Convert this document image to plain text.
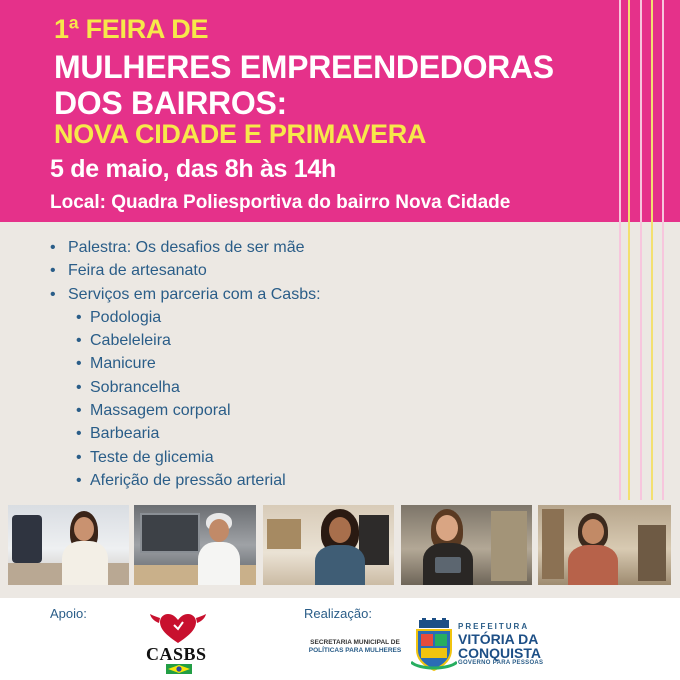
1ª FEIRA DE
MULHERES EMPREENDEDORAS
DOS BAIRROS:
NOVA CIDADE E PRIMAVERA
5 de maio, das 8h às 14h
Local: Quadra Poliesportiva do bairro Nova Cidade
• Palestra: Os desafios de ser mãe
• Feira de artesanato
• Serviços em parceria com a Casbs:
• Podologia
• Cabeleleira
• Manicure
• Sobrancelha
• Massagem corporal
• Barbearia
• Teste de glicemia
• Aferição de pressão arterial
Apoio:	Realização:
CASBS
SECRETARIA MUNICIPAL DE
POLÍTICAS PARA MULHERES
PREFEITURA
VITÓRIA DA
CONQUISTA
GOVERNO PARA PESSOAS
